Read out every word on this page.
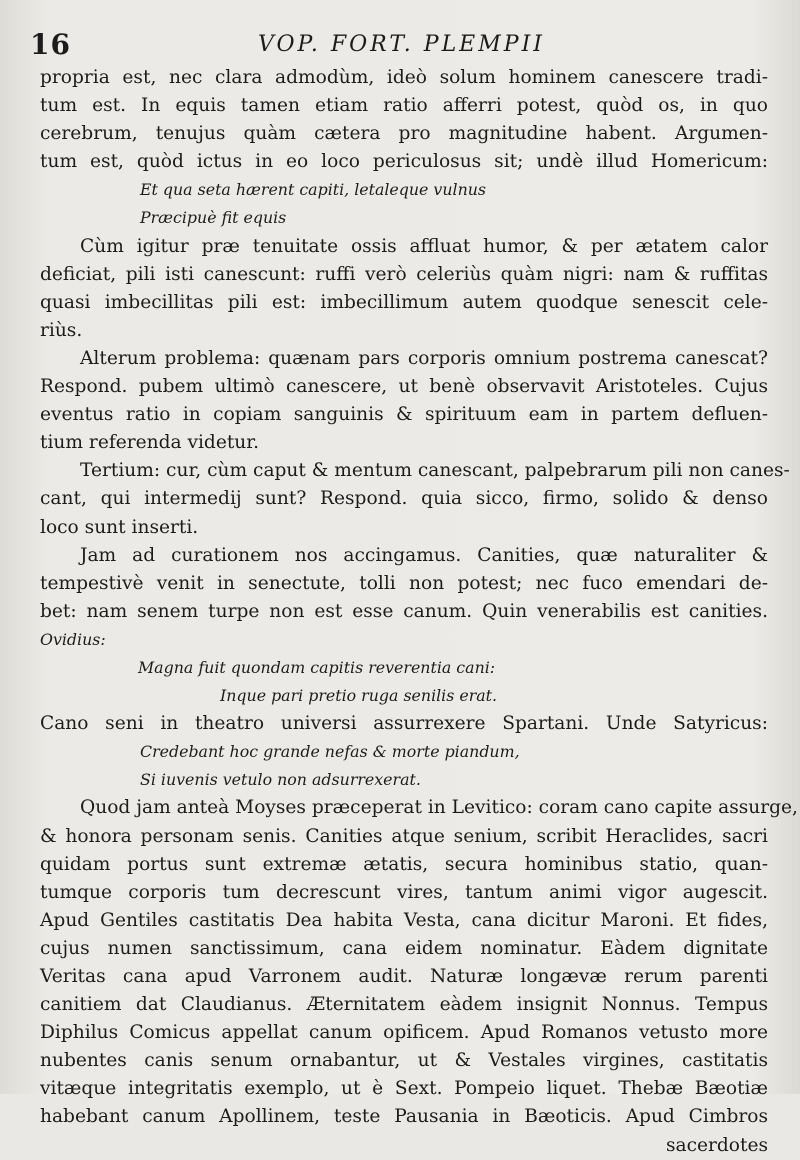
16	VOP. FORT. PLEMPII
propria est, nec clara admodùm, ideò solum hominem canescere tradi-
tum est. In equis tamen etiam ratio afferri potest, quòd os, in quo
cerebrum, tenujus quàm cætera pro magnitudine habent. Argumen-
tum est, quòd ictus in eo loco periculosus sit; undè illud Homericum:
Et qua seta hærent capiti, letaleque vulnus
Præcipuè fit equis
Cùm igitur præ tenuitate ossis affluat humor, & per ætatem calor
deficiat, pili isti canescunt: ruffi verò celeriùs quàm nigri: nam & ruffitas
quasi imbecillitas pili est: imbecillimum autem quodque senescit cele-
riùs.
Alterum problema: quænam pars corporis omnium postrema canescat?
Respond. pubem ultimò canescere, ut benè observavit Aristoteles. Cujus
eventus ratio in copiam sanguinis & spirituum eam in partem defluen-
tium referenda videtur.
Tertium: cur, cùm caput & mentum canescant, palpebrarum pili non canes-
cant, qui intermedij sunt? Respond. quia sicco, firmo, solido & denso
loco sunt inserti.
Jam ad curationem nos accingamus. Canities, quæ naturaliter &
tempestivè venit in senectute, tolli non potest; nec fuco emendari de-
bet: nam senem turpe non est esse canum. Quin venerabilis est canities.
Ovidius:
Magna fuit quondam capitis reverentia cani:
Inque pari pretio ruga senilis erat.
Cano seni in theatro universi assurrexere Spartani. Unde Satyricus:
Credebant hoc grande nefas & morte piandum,
Si iuvenis vetulo non adsurrexerat.
Quod jam anteà Moyses præceperat in Levitico: coram cano capite assurge,
& honora personam senis. Canities atque senium, scribit Heraclides, sacri
quidam portus sunt extremæ ætatis, secura hominibus statio, quan-
tumque corporis tum decrescunt vires, tantum animi vigor augescit.
Apud Gentiles castitatis Dea habita Vesta, cana dicitur Maroni. Et fides,
cujus numen sanctissimum, cana eidem nominatur. Eàdem dignitate
Veritas cana apud Varronem audit. Naturæ longævæ rerum parenti
canitiem dat Claudianus. Æternitatem eàdem insignit Nonnus. Tempus
Diphilus Comicus appellat canum opificem. Apud Romanos vetusto more
nubentes canis senum ornabantur, ut & Vestales virgines, castitatis
vitæque integritatis exemplo, ut è Sext. Pompeio liquet. Thebæ Bæotiæ
habebant canum Apollinem, teste Pausania in Bæoticis. Apud Cimbros
sacerdotes
